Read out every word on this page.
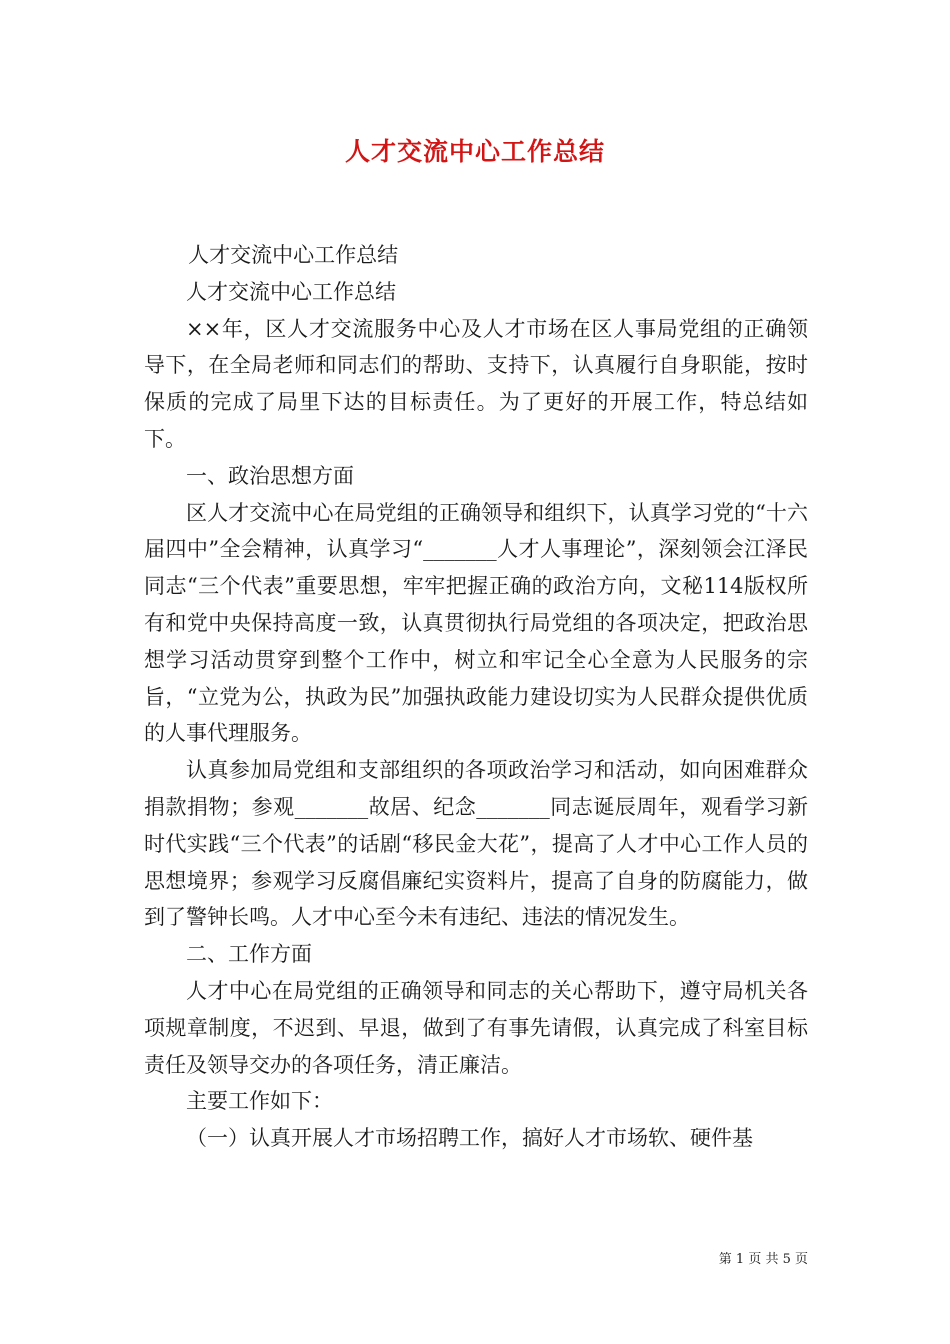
人才交流中心工作总结

人才交流中心工作总结

人才交流中心工作总结

××年，区人才交流服务中心及人才市场在区人事局党组的正确领导下，在全局老师和同志们的帮助、支持下，认真履行自身职能，按时保质的完成了局里下达的目标责任。为了更好的开展工作，特总结如下。

一、政治思想方面

区人才交流中心在局党组的正确领导和组织下，认真学习党的“十六届四中”全会精神，认真学习“_______人才人事理论”，深刻领会江泽民同志“三个代表”重要思想，牢牢把握正确的政治方向，文秘114版权所有和党中央保持高度一致，认真贯彻执行局党组的各项决定，把政治思想学习活动贯穿到整个工作中，树立和牢记全心全意为人民服务的宗旨，“立党为公，执政为民”加强执政能力建设切实为人民群众提供优质的人事代理服务。

认真参加局党组和支部组织的各项政治学习和活动，如向困难群众捐款捐物；参观_______故居、纪念_______同志诞辰周年，观看学习新时代实践“三个代表”的话剧“移民金大花”，提高了人才中心工作人员的思想境界；参观学习反腐倡廉纪实资料片，提高了自身的防腐能力，做到了警钟长鸣。人才中心至今未有违纪、违法的情况发生。

二、工作方面

人才中心在局党组的正确领导和同志的关心帮助下，遵守局机关各项规章制度，不迟到、早退，做到了有事先请假，认真完成了科室目标责任及领导交办的各项任务，清正廉洁。

主要工作如下：

（一）认真开展人才市场招聘工作，搞好人才市场软、硬件基

第 1 页 共 5 页
